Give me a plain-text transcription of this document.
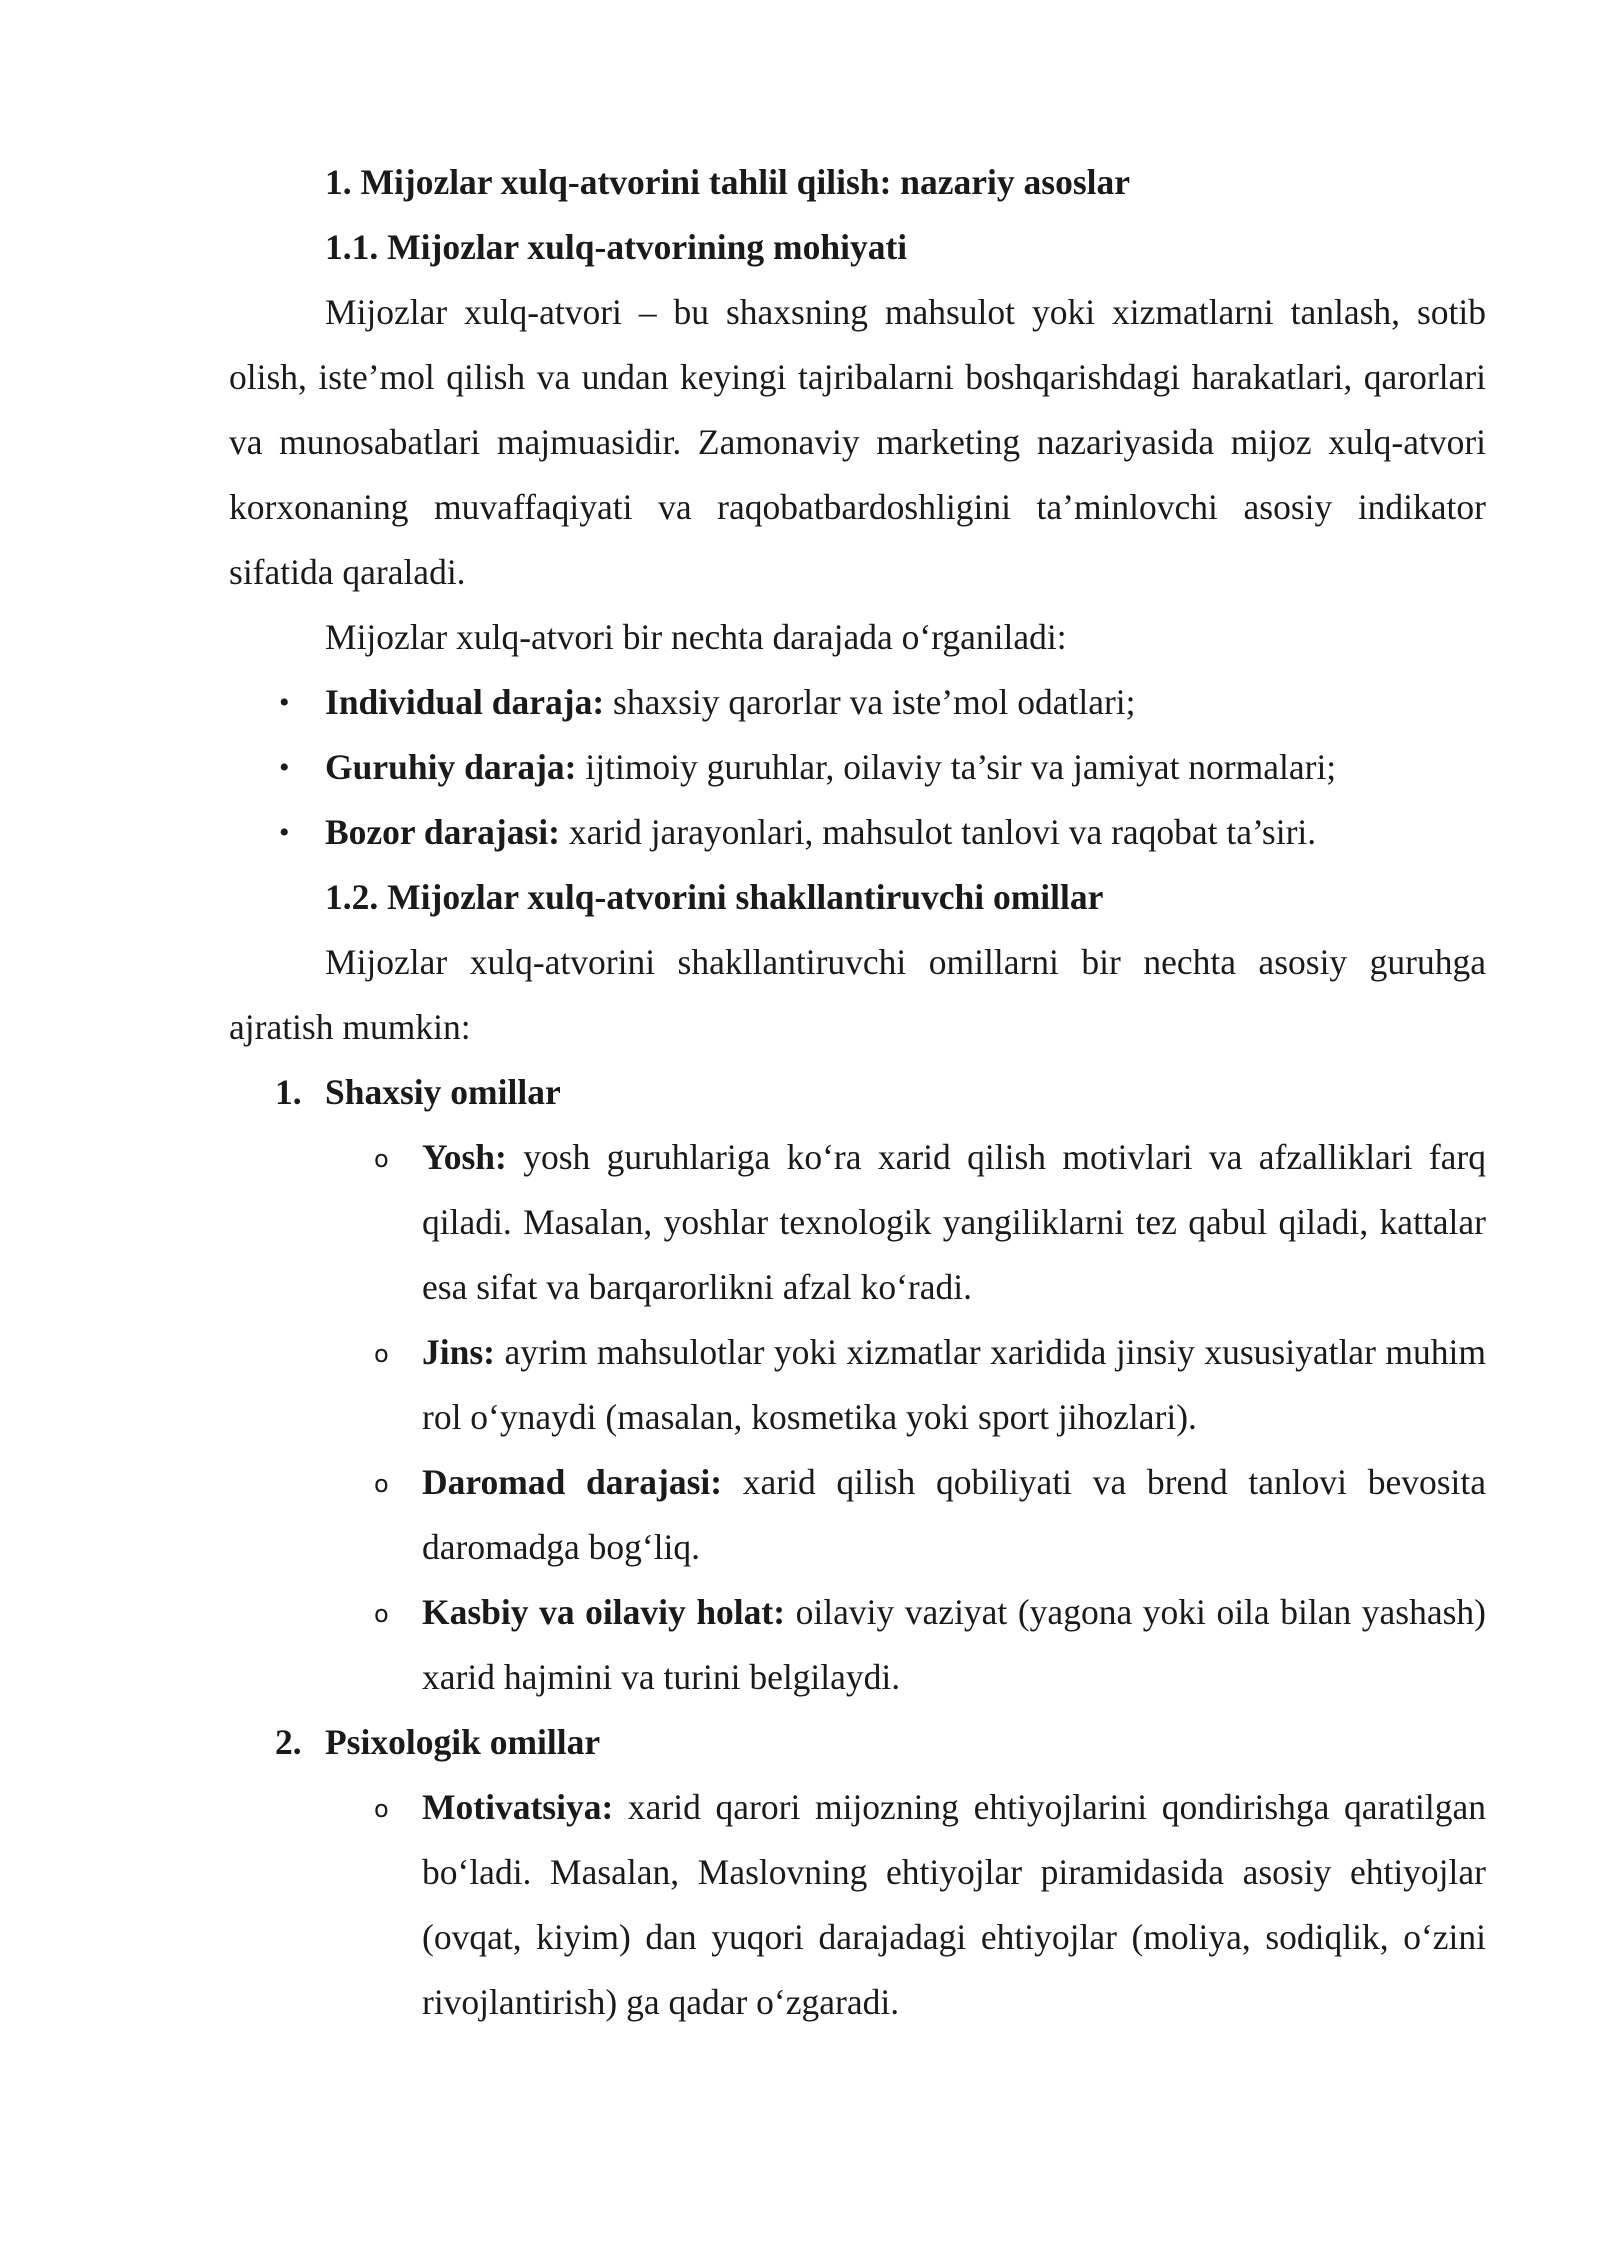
1. Mijozlar xulq-atvorini tahlil qilish: nazariy asoslar

1.1. Mijozlar xulq-atvorining mohiyati

Mijozlar xulq-atvori – bu shaxsning mahsulot yoki xizmatlarni tanlash, sotib olish, iste’mol qilish va undan keyingi tajribalarni boshqarishdagi harakatlari, qarorlari va munosabatlari majmuasidir. Zamonaviy marketing nazariyasida mijoz xulq-atvori korxonaning muvaffaqiyati va raqobatbardoshligini ta’minlovchi asosiy indikator sifatida qaraladi.

Mijozlar xulq-atvori bir nechta darajada o‘rganiladi:

• Individual daraja: shaxsiy qarorlar va iste’mol odatlari;
• Guruhiy daraja: ijtimoiy guruhlar, oilaviy ta’sir va jamiyat normalari;
• Bozor darajasi: xarid jarayonlari, mahsulot tanlovi va raqobat ta’siri.

1.2. Mijozlar xulq-atvorini shakllantiruvchi omillar

Mijozlar xulq-atvorini shakllantiruvchi omillarni bir nechta asosiy guruhga ajratish mumkin:

1. Shaxsiy omillar
o Yosh: yosh guruhlariga ko‘ra xarid qilish motivlari va afzalliklari farq qiladi. Masalan, yoshlar texnologik yangiliklarni tez qabul qiladi, kattalar esa sifat va barqarorlikni afzal ko‘radi.
o Jins: ayrim mahsulotlar yoki xizmatlar xaridida jinsiy xususiyatlar muhim rol o‘ynaydi (masalan, kosmetika yoki sport jihozlari).
o Daromad darajasi: xarid qilish qobiliyati va brend tanlovi bevosita daromadga bog‘liq.
o Kasbiy va oilaviy holat: oilaviy vaziyat (yagona yoki oila bilan yashash) xarid hajmini va turini belgilaydi.
2. Psixologik omillar
o Motivatsiya: xarid qarori mijozning ehtiyojlarini qondirishga qaratilgan bo‘ladi. Masalan, Maslovning ehtiyojlar piramidasida asosiy ehtiyojlar (ovqat, kiyim) dan yuqori darajadagi ehtiyojlar (moliya, sodiqlik, o‘zini rivojlantirish) ga qadar o‘zgaradi.
